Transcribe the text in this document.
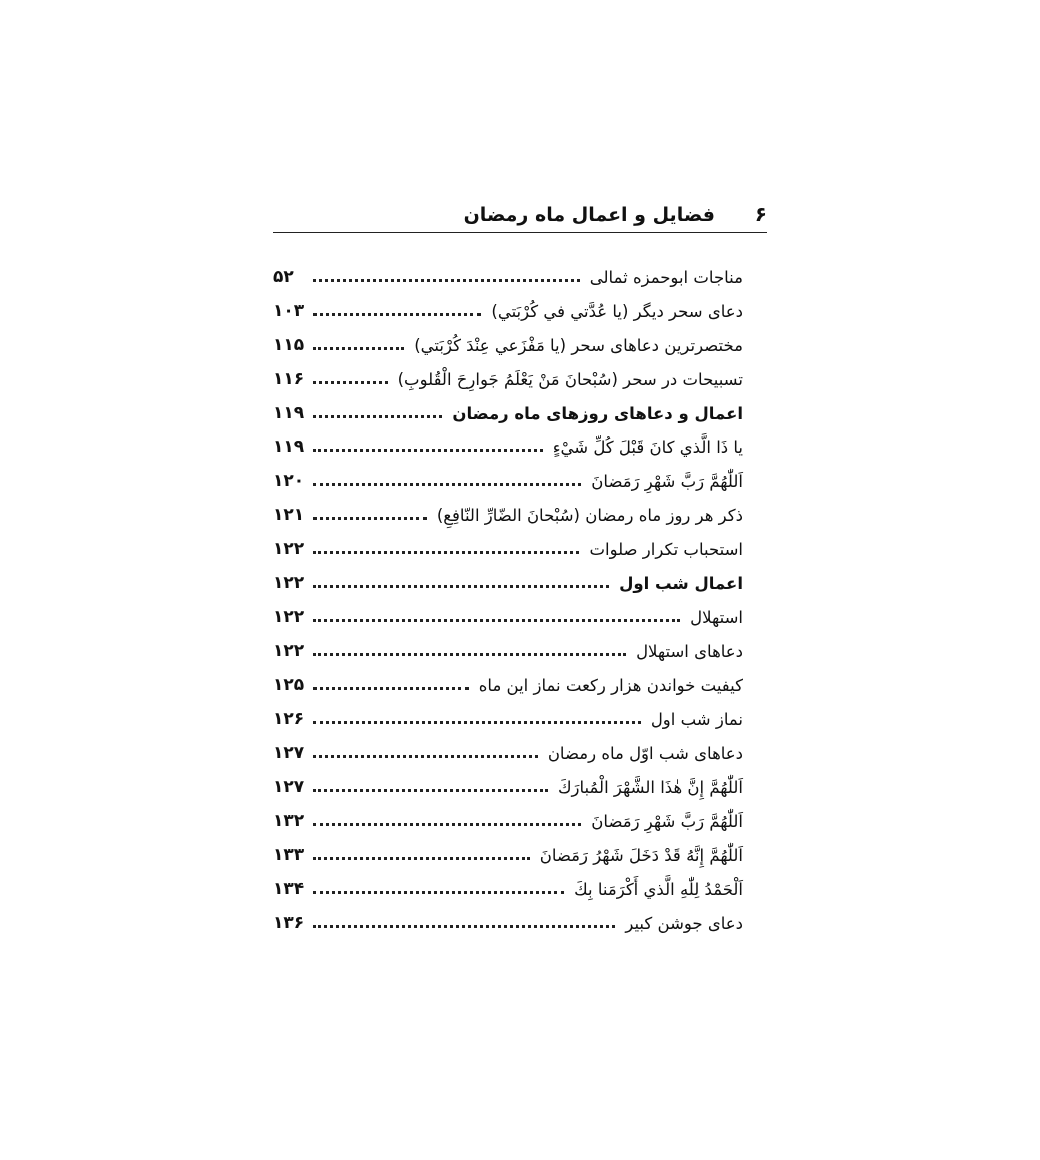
فضایل و اعمال ماه رمضان ۶
مناجات ابوحمزه ثمالی
۵۲
دعای سحر دیگر (یا عُدَّتي في كُرْبَتي)
۱۰۳
مختصرترین دعاهای سحر (یا مَفْزَعي عِنْدَ كُرْبَتي)
۱۱۵
تسبیحات در سحر (سُبْحانَ مَنْ يَعْلَمُ جَوارِحَ الْقُلوبِ)
۱۱۶
اعمال و دعاهای روزهای ماه رمضان
۱۱۹
يا ذَا الَّذي كانَ قَبْلَ كُلِّ شَيْءٍ
۱۱۹
اَللّٰهُمَّ رَبَّ شَهْرِ رَمَضانَ
۱۲۰
ذکر هر روز ماه رمضان (سُبْحانَ الضّارِّ النّافِعِ)
۱۲۱
استحباب تکرار صلوات
۱۲۲
اعمال شب اول
۱۲۲
استهلال
۱۲۲
دعاهای استهلال
۱۲۲
کیفیت خواندن هزار رکعت نماز این ماه
۱۲۵
نماز شب اول
۱۲۶
دعاهای شب اوّل ماه رمضان
۱۲۷
اَللّٰهُمَّ إِنَّ هٰذَا الشَّهْرَ الْمُبارَكَ
۱۲۷
اَللّٰهُمَّ رَبَّ شَهْرِ رَمَضانَ
۱۳۲
اَللّٰهُمَّ إِنَّهُ قَدْ دَخَلَ شَهْرُ رَمَضانَ
۱۳۳
اَلْحَمْدُ لِلّٰهِ الَّذي أَكْرَمَنا بِكَ
۱۳۴
دعای جوشن کبیر
۱۳۶
